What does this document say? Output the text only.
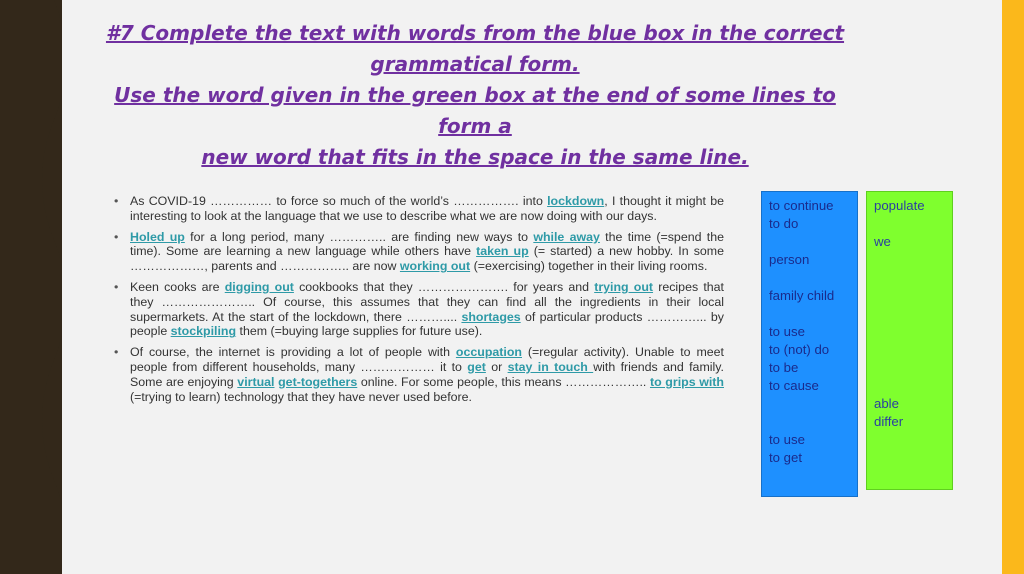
#7 Complete the text with words from the blue box in the correct
grammatical form.
Use the word given in the green box at the end of some lines to form a
new word that fits in the space in the same line.
• As COVID-19 …………… to force so much of the world’s ……………. into lockdown, I thought it might be interesting to look at the language that we use to describe what we are now doing with our days.
• Holed up for a long period, many ………….. are finding new ways to while away the time (=spend the time). Some are learning a new language while others have taken up (= started) a new hobby. In some ………………, parents and …………….. are now working out (=exercising) together in their living rooms.
• Keen cooks are digging out cookbooks that they …………………. for years and trying out recipes that they ………………….. Of course, this assumes that they can find all the ingredients in their local supermarkets. At the start of the lockdown, there ……….... shortages of particular products …………... by people stockpiling them (=buying large supplies for future use).
• Of course, the internet is providing a lot of people with occupation (=regular activity). Unable to meet people from different households, many ……………… it to get or stay in touch with friends and family. Some are enjoying virtual get-togethers online. For some people, this means ……………….. to grips with (=trying to learn) technology that they have never used before.
to continue
to do
person
family child
to use
to (not) do
to be
to cause
to use
to get
populate
we
able
differ
